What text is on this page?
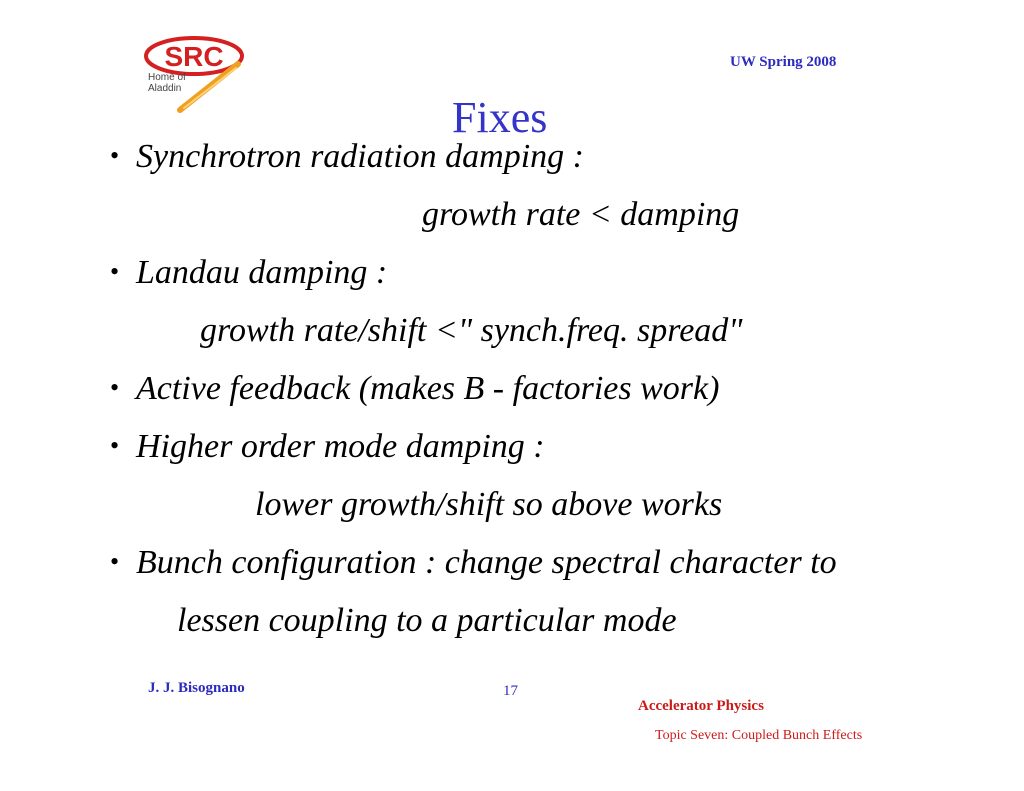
SRC
Home of
Aladdin
UW Spring 2008
Fixes
• Synchrotron radiation damping :
growth rate < damping
• Landau damping :
growth rate/shift <" synch.freq. spread"
• Active feedback (makes B - factories work)
• Higher order mode damping :
lower growth/shift so above works
• Bunch configuration : change spectral character to
lessen coupling to a particular mode
J. J. Bisognano	17
Accelerator Physics
Topic Seven: Coupled Bunch Effects
